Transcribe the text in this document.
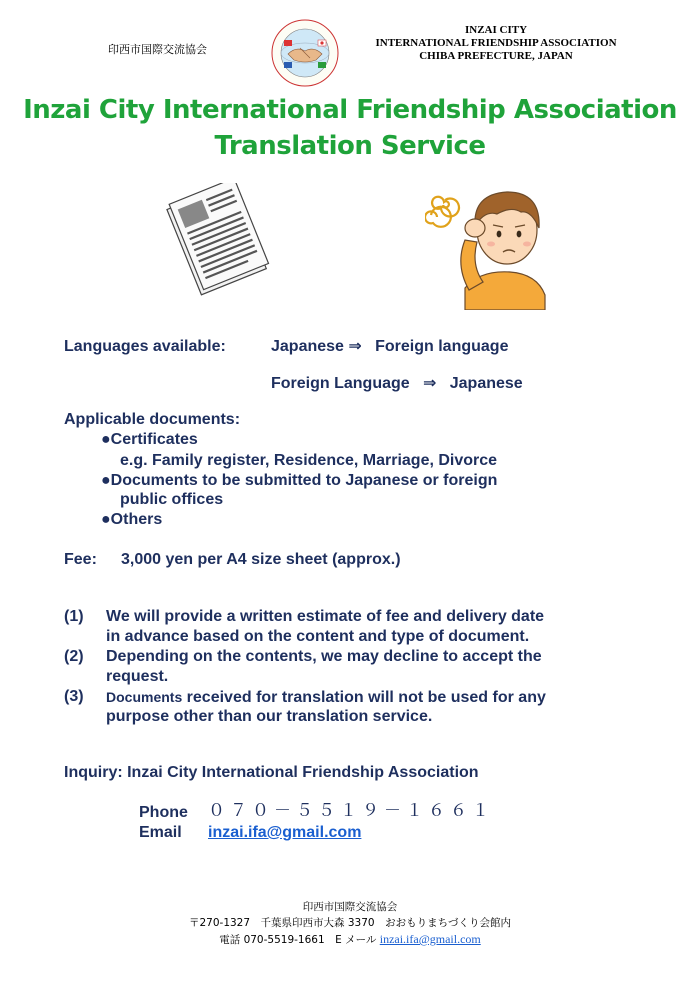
印西市国際交流協会
INZAI CITY
INTERNATIONAL FRIENDSHIP ASSOCIATION
CHIBA PREFECTURE, JAPAN
Inzai City International Friendship Association
Translation Service
Languages available:	Japanese ⇒   Foreign language
Foreign Language   ⇒   Japanese
Applicable documents:
●Certificates
e.g. Family register, Residence, Marriage, Divorce
●Documents to be submitted to Japanese or foreign
public offices
●Others
Fee: 3,000 yen per A4 size sheet (approx.)
(1) We will provide a written estimate of fee and delivery date
in advance based on the content and type of document.
(2) Depending on the contents, we may decline to accept the
request.
(3) Documents received for translation will not be used for any
purpose other than our translation service.
Inquiry: Inzai City International Friendship Association
Phone ０７０－５５１９－１６６１
Email inzai.ifa@gmail.com
印西市国際交流協会
〒270-1327　千葉県印西市大森 3370　おおもりまちづくり会館内
電話 070-5519-1661　E メール inzai.ifa@gmail.com
